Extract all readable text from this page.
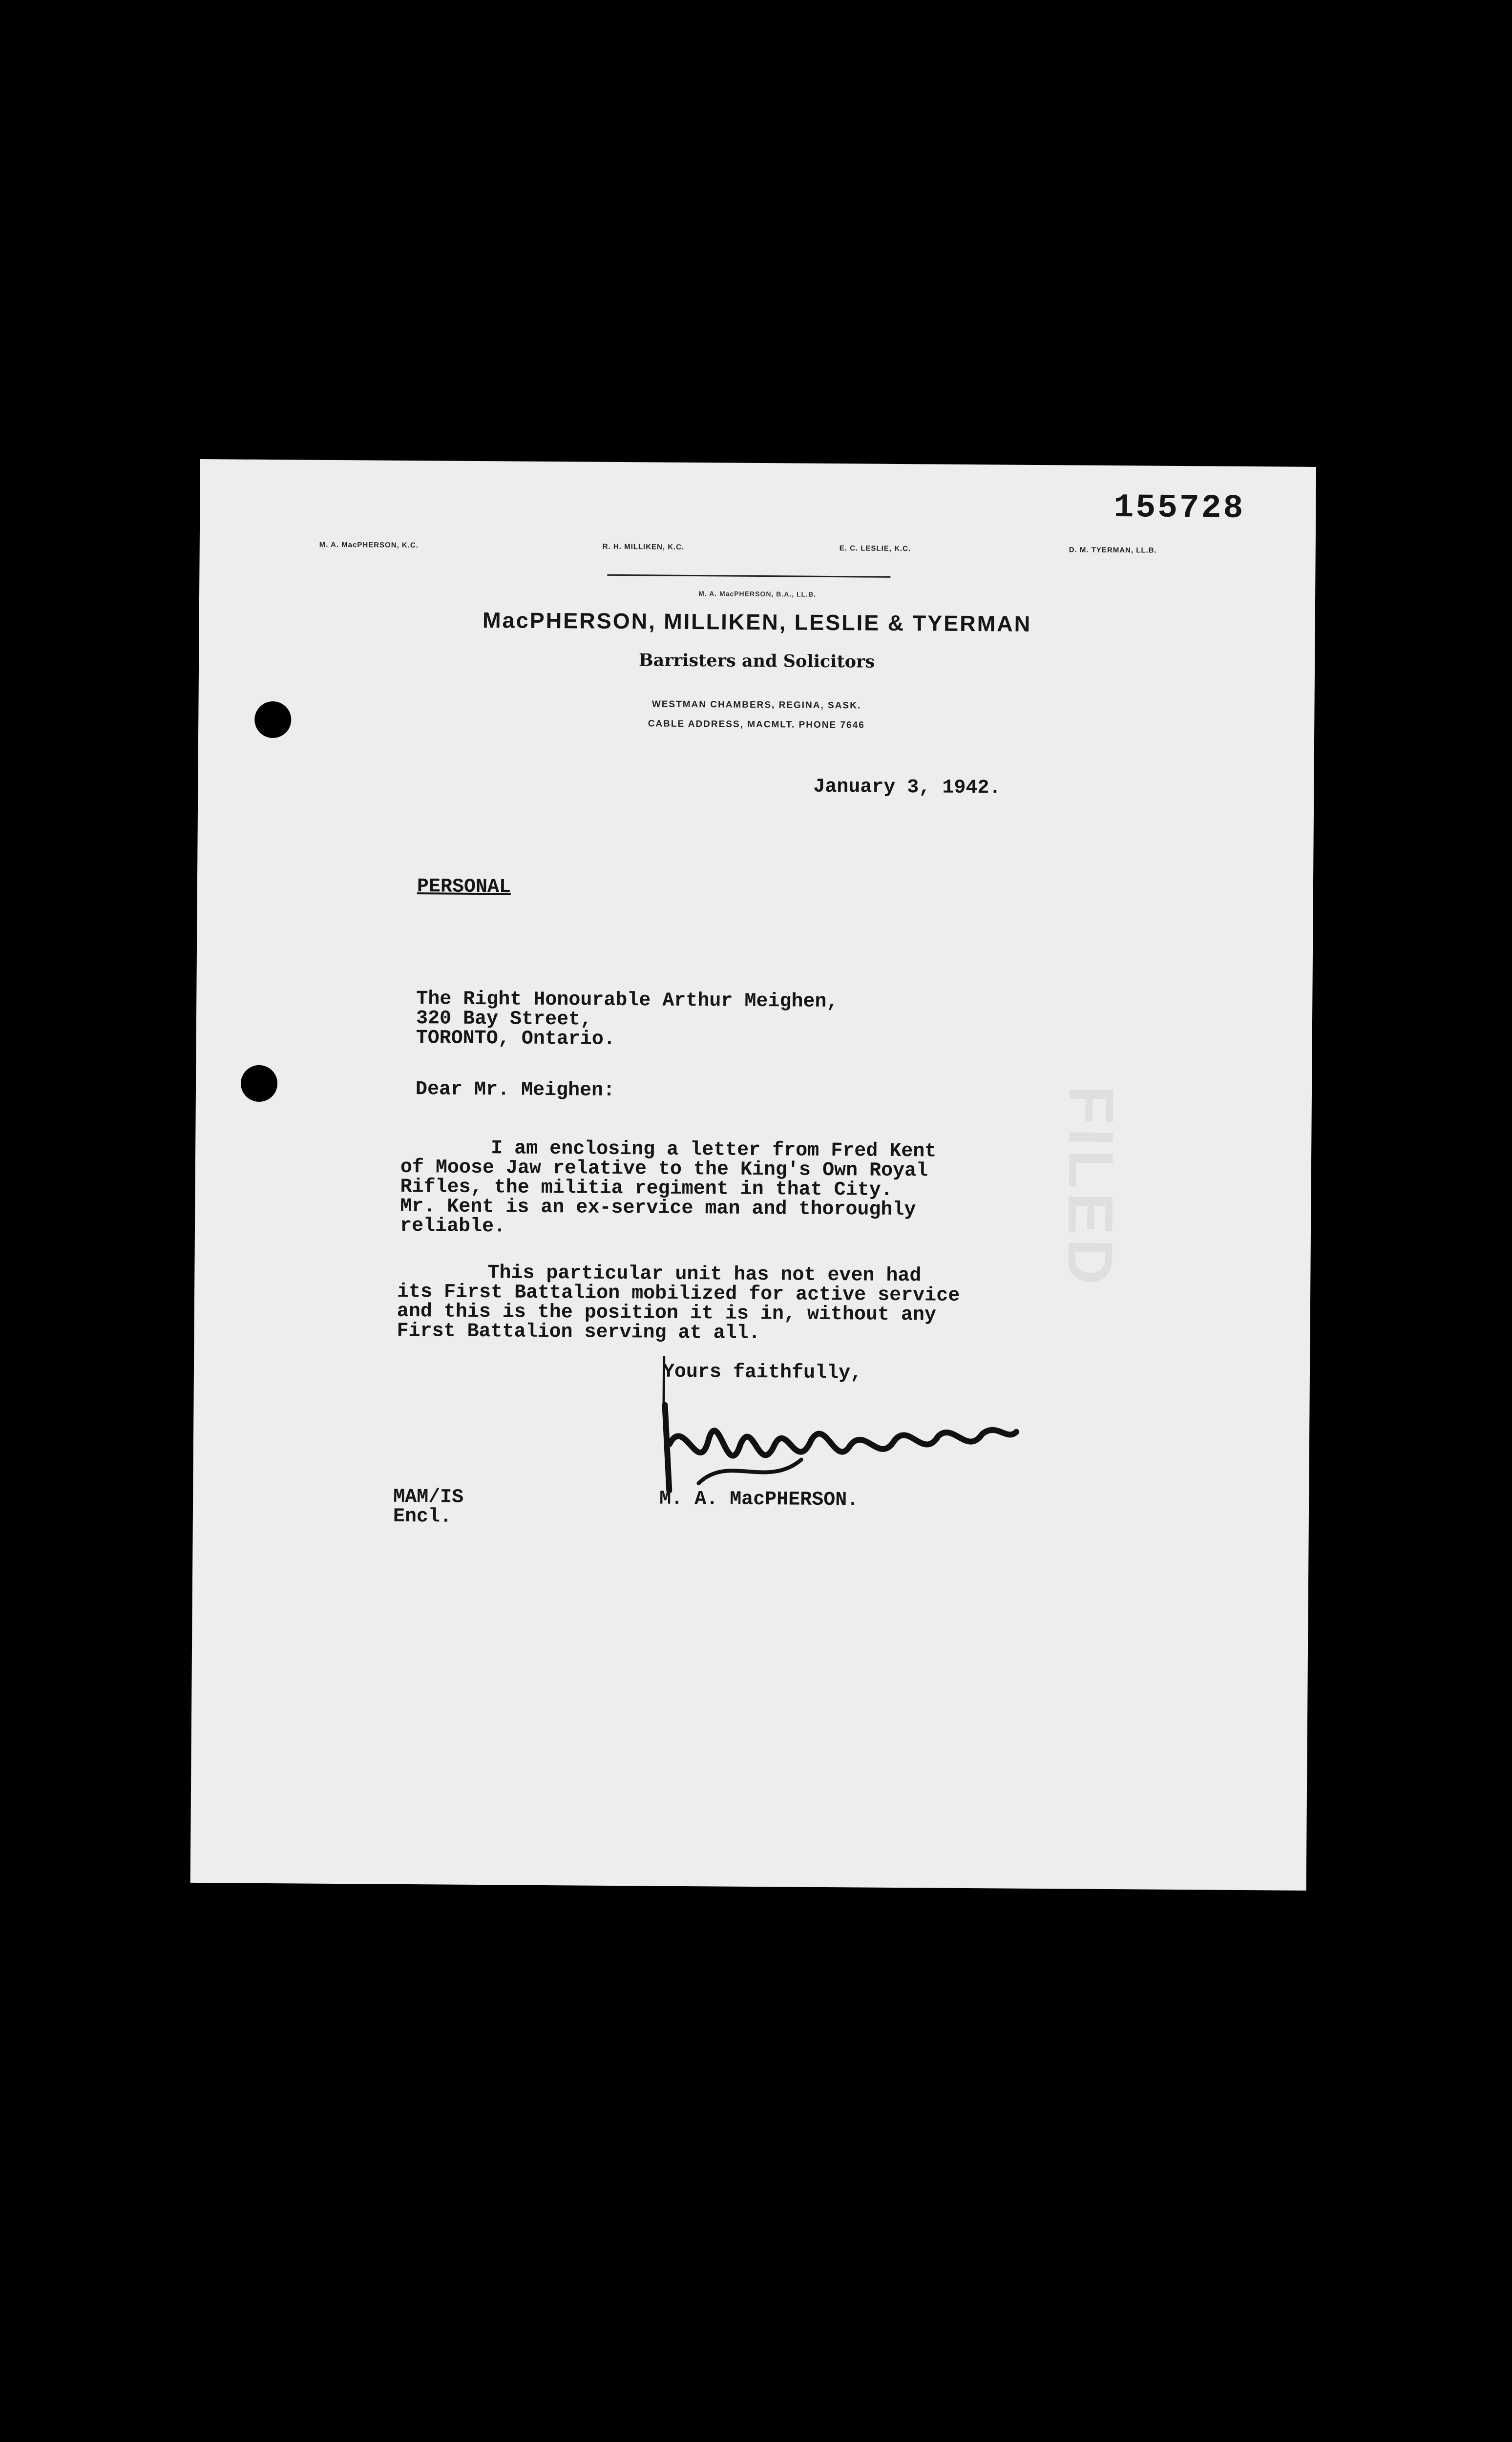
FILED
155728
M. A. MacPHERSON, K.C.	R. H. MILLIKEN, K.C.	E. C. LESLIE, K.C.	D. M. TYERMAN, LL.B.
M. A. MacPHERSON, B.A., LL.B.
MacPHERSON, MILLIKEN, LESLIE & TYERMAN
Barristers and Solicitors
WESTMAN CHAMBERS, REGINA, SASK.
CABLE ADDRESS, MACMLT. PHONE 7646
January 3, 1942.
PERSONAL
The Right Honourable Arthur Meighen,
320 Bay Street,
TORONTO, Ontario.
Dear Mr. Meighen:
I am enclosing a letter from Fred Kent
of Moose Jaw relative to the King's Own Royal
Rifles, the militia regiment in that City.
Mr. Kent is an ex-service man and thoroughly
reliable.
This particular unit has not even had
its First Battalion mobilized for active service
and this is the position it is in, without any
First Battalion serving at all.
Yours faithfully,
M. A. MacPHERSON.
MAM/IS
Encl.
